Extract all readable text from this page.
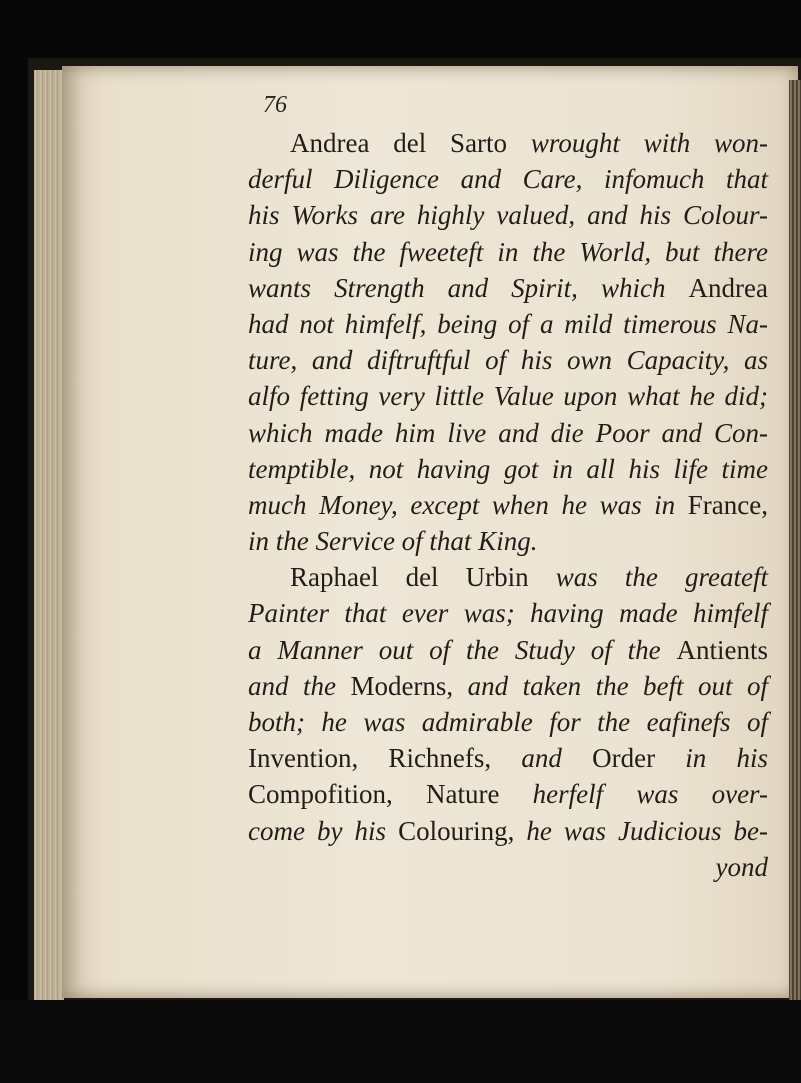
76
Andrea del Sarto wrought with won-
derful Diligence and Care, infomuch that
his Works are highly valued, and his Colour-
ing was the fweeteft in the World, but there
wants Strength and Spirit, which Andrea
had not himfelf, being of a mild timerous Na-
ture, and diftruftful of his own Capacity, as
alfo fetting very little Value upon what he did;
which made him live and die Poor and Con-
temptible, not having got in all his life time
much Money, except when he was in France,
in the Service of that King.
Raphael del Urbin was the greateft
Painter that ever was; having made himfelf
a Manner out of the Study of the Antients
and the Moderns, and taken the beft out of
both; he was admirable for the eafinefs of
Invention, Richnefs, and Order in his
Compofition, Nature herfelf was over-
come by his Colouring, he was Judicious be-
yond
